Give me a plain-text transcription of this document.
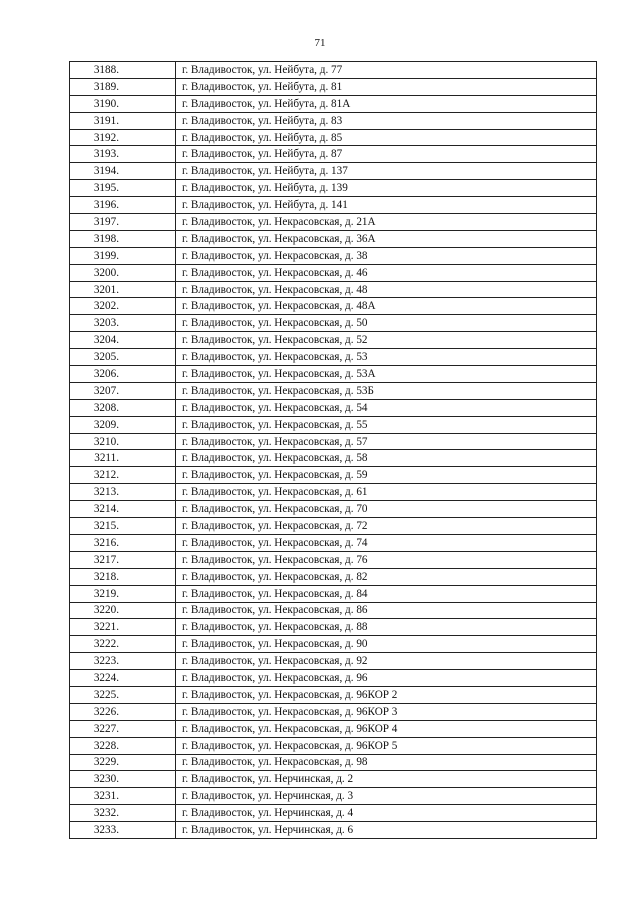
71
3188.	г. Владивосток, ул. Нейбута, д. 77
3189.	г. Владивосток, ул. Нейбута, д. 81
3190.	г. Владивосток, ул. Нейбута, д. 81А
3191.	г. Владивосток, ул. Нейбута, д. 83
3192.	г. Владивосток, ул. Нейбута, д. 85
3193.	г. Владивосток, ул. Нейбута, д. 87
3194.	г. Владивосток, ул. Нейбута, д. 137
3195.	г. Владивосток, ул. Нейбута, д. 139
3196.	г. Владивосток, ул. Нейбута, д. 141
3197.	г. Владивосток, ул. Некрасовская, д. 21А
3198.	г. Владивосток, ул. Некрасовская, д. 36А
3199.	г. Владивосток, ул. Некрасовская, д. 38
3200.	г. Владивосток, ул. Некрасовская, д. 46
3201.	г. Владивосток, ул. Некрасовская, д. 48
3202.	г. Владивосток, ул. Некрасовская, д. 48А
3203.	г. Владивосток, ул. Некрасовская, д. 50
3204.	г. Владивосток, ул. Некрасовская, д. 52
3205.	г. Владивосток, ул. Некрасовская, д. 53
3206.	г. Владивосток, ул. Некрасовская, д. 53А
3207.	г. Владивосток, ул. Некрасовская, д. 53Б
3208.	г. Владивосток, ул. Некрасовская, д. 54
3209.	г. Владивосток, ул. Некрасовская, д. 55
3210.	г. Владивосток, ул. Некрасовская, д. 57
3211.	г. Владивосток, ул. Некрасовская, д. 58
3212.	г. Владивосток, ул. Некрасовская, д. 59
3213.	г. Владивосток, ул. Некрасовская, д. 61
3214.	г. Владивосток, ул. Некрасовская, д. 70
3215.	г. Владивосток, ул. Некрасовская, д. 72
3216.	г. Владивосток, ул. Некрасовская, д. 74
3217.	г. Владивосток, ул. Некрасовская, д. 76
3218.	г. Владивосток, ул. Некрасовская, д. 82
3219.	г. Владивосток, ул. Некрасовская, д. 84
3220.	г. Владивосток, ул. Некрасовская, д. 86
3221.	г. Владивосток, ул. Некрасовская, д. 88
3222.	г. Владивосток, ул. Некрасовская, д. 90
3223.	г. Владивосток, ул. Некрасовская, д. 92
3224.	г. Владивосток, ул. Некрасовская, д. 96
3225.	г. Владивосток, ул. Некрасовская, д. 96КОР 2
3226.	г. Владивосток, ул. Некрасовская, д. 96КОР 3
3227.	г. Владивосток, ул. Некрасовская, д. 96КОР 4
3228.	г. Владивосток, ул. Некрасовская, д. 96КОР 5
3229.	г. Владивосток, ул. Некрасовская, д. 98
3230.	г. Владивосток, ул. Нерчинская, д. 2
3231.	г. Владивосток, ул. Нерчинская, д. 3
3232.	г. Владивосток, ул. Нерчинская, д. 4
3233.	г. Владивосток, ул. Нерчинская, д. 6
